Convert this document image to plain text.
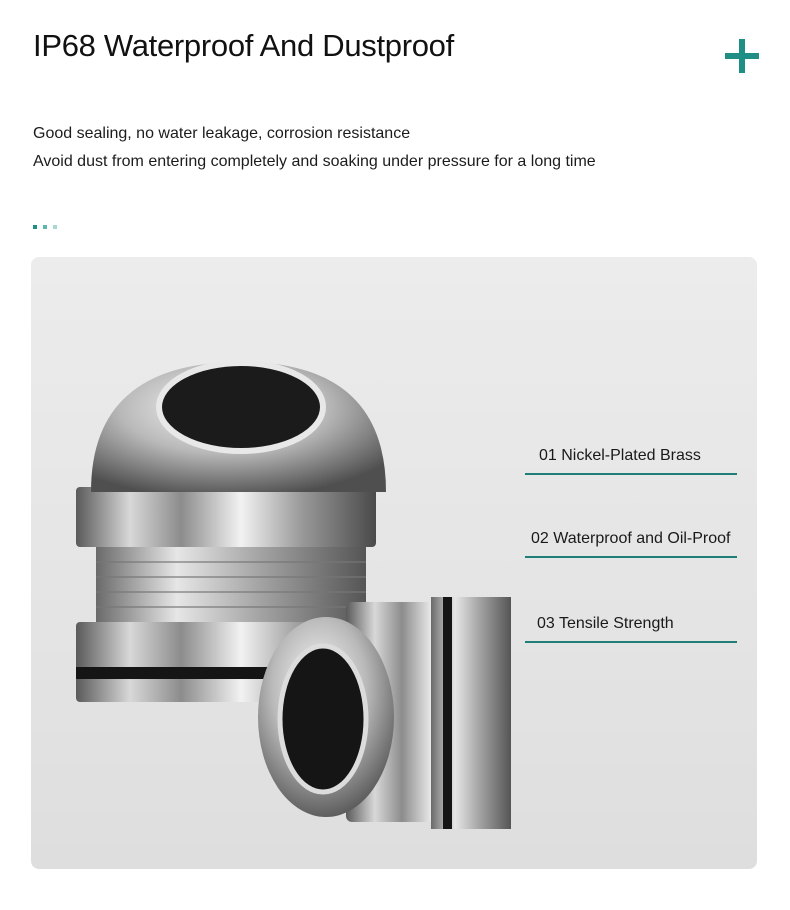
IP68 Waterproof And Dustproof

Good sealing, no water leakage, corrosion resistance

Avoid dust from entering completely and soaking under pressure for a long time

01 Nickel-Plated Brass
02 Waterproof and Oil-Proof
03 Tensile Strength
